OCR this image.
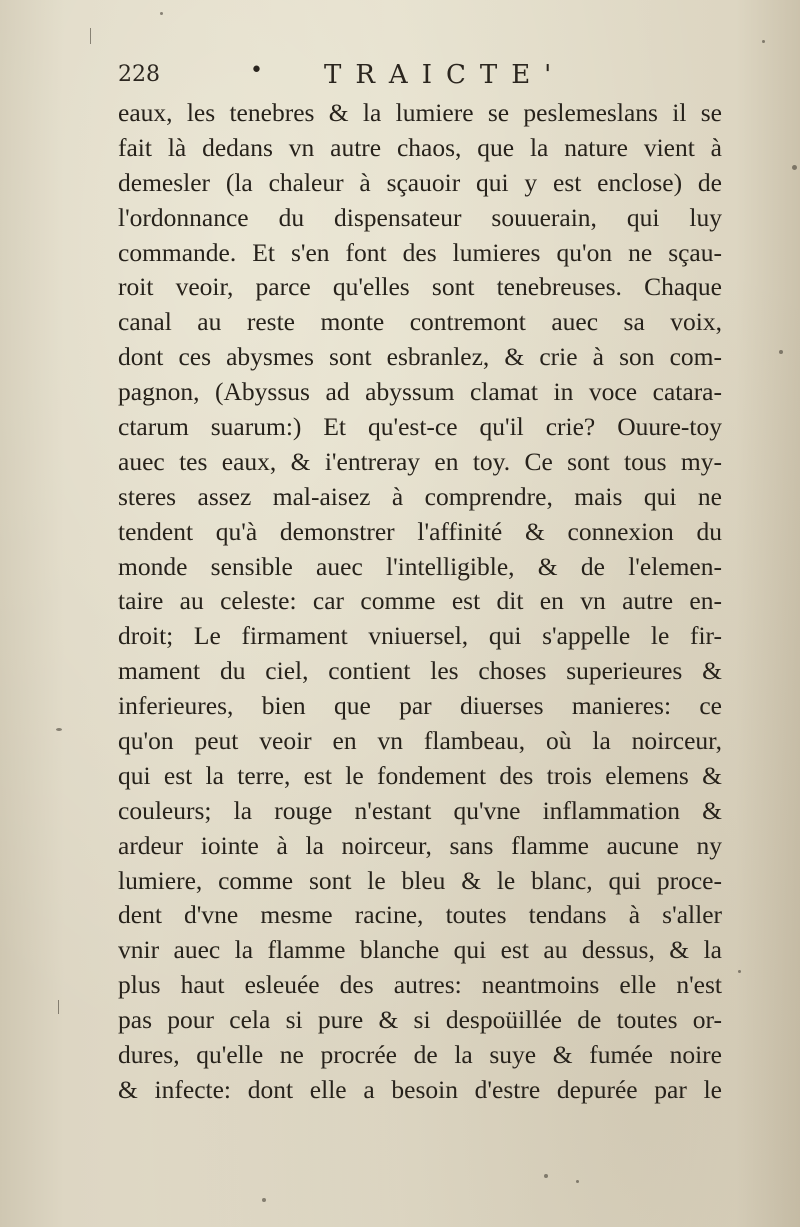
228	• TRAICTE'
eaux, les tenebres & la lumiere se peslemeslans il se
fait là dedans vn autre chaos, que la nature vient à
demesler (la chaleur à sçauoir qui y est enclose) de
l'ordonnance du dispensateur souuerain, qui luy
commande. Et s'en font des lumieres qu'on ne sçau-
roit veoir, parce qu'elles sont tenebreuses. Chaque
canal au reste monte contremont auec sa voix,
dont ces abysmes sont esbranlez, & crie à son com-
pagnon, (Abyssus ad abyssum clamat in voce catara-
ctarum suarum:) Et qu'est-ce qu'il crie? Ouure-toy
auec tes eaux, & i'entreray en toy. Ce sont tous my-
steres assez mal-aisez à comprendre, mais qui ne
tendent qu'à demonstrer l'affinité & connexion du
monde sensible auec l'intelligible, & de l'elemen-
taire au celeste: car comme est dit en vn autre en-
droit; Le firmament vniuersel, qui s'appelle le fir-
mament du ciel, contient les choses superieures &
inferieures, bien que par diuerses manieres: ce
qu'on peut veoir en vn flambeau, où la noirceur,
qui est la terre, est le fondement des trois elemens &
couleurs; la rouge n'estant qu'vne inflammation &
ardeur iointe à la noirceur, sans flamme aucune ny
lumiere, comme sont le bleu & le blanc, qui proce-
dent d'vne mesme racine, toutes tendans à s'aller
vnir auec la flamme blanche qui est au dessus, & la
plus haut esleuée des autres: neantmoins elle n'est
pas pour cela si pure & si despoüillée de toutes or-
dures, qu'elle ne procrée de la suye & fumée noire
& infecte: dont elle a besoin d'estre depurée par le
